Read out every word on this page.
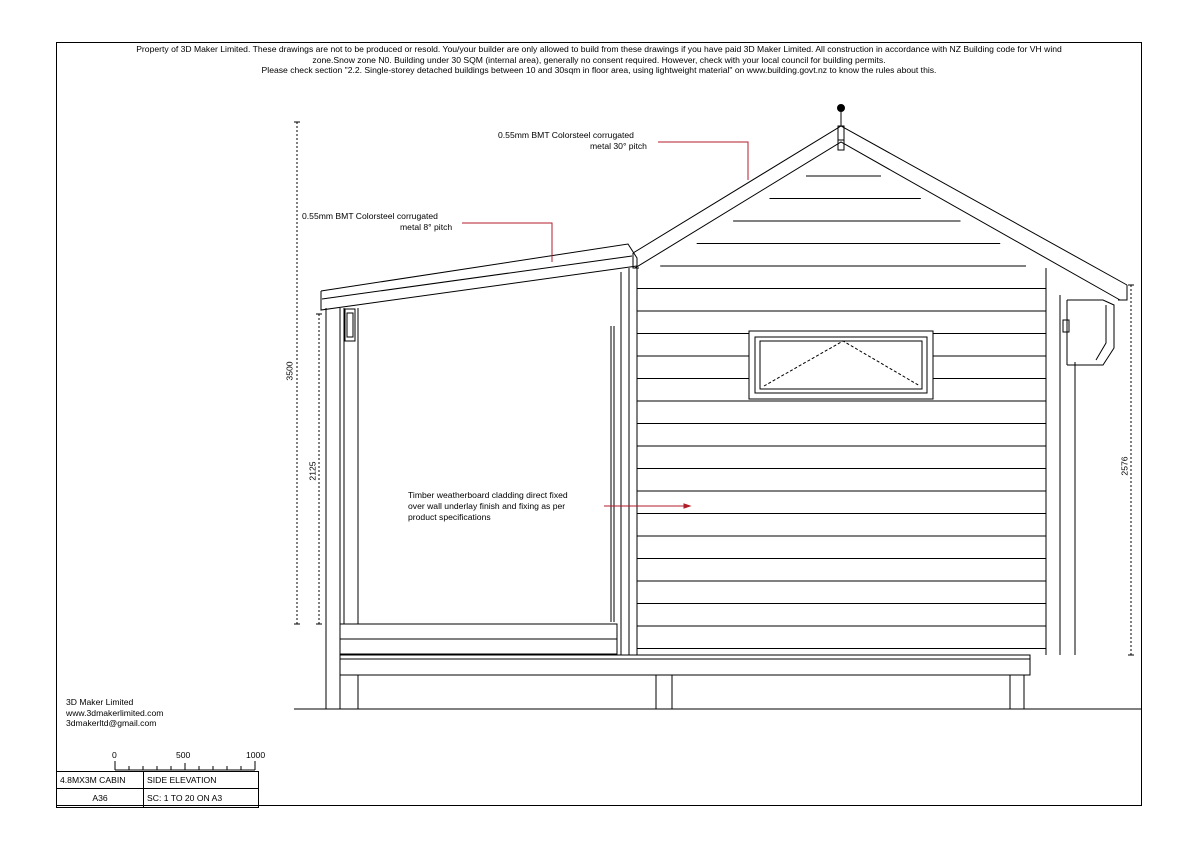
Property of 3D Maker Limited. These drawings are not to be produced or resold. You/your builder are only allowed to build from these drawings if you have paid 3D Maker Limited. All construction in accordance with NZ Building code for VH wind
zone.Snow zone N0. Building under 30 SQM (internal area), generally no consent required. However, check with your local council for building permits.
Please check section "2.2. Single-storey detached buildings between 10 and 30sqm in floor area, using lightweight material" on www.building.govt.nz to know the rules about this.
0.55mm BMT Colorsteel corrugated
metal 30° pitch
0.55mm BMT Colorsteel corrugated
metal 8° pitch
Timber weatherboard cladding direct fixed
over wall underlay finish and fixing as per
product specifications
3500
2125	2576
3D Maker Limited
www.3dmakerlimited.com
3dmakerltd@gmail.com
0	500	1000
4.8MX3M CABIN	SIDE ELEVATION
A36	SC: 1 TO 20 ON A3
